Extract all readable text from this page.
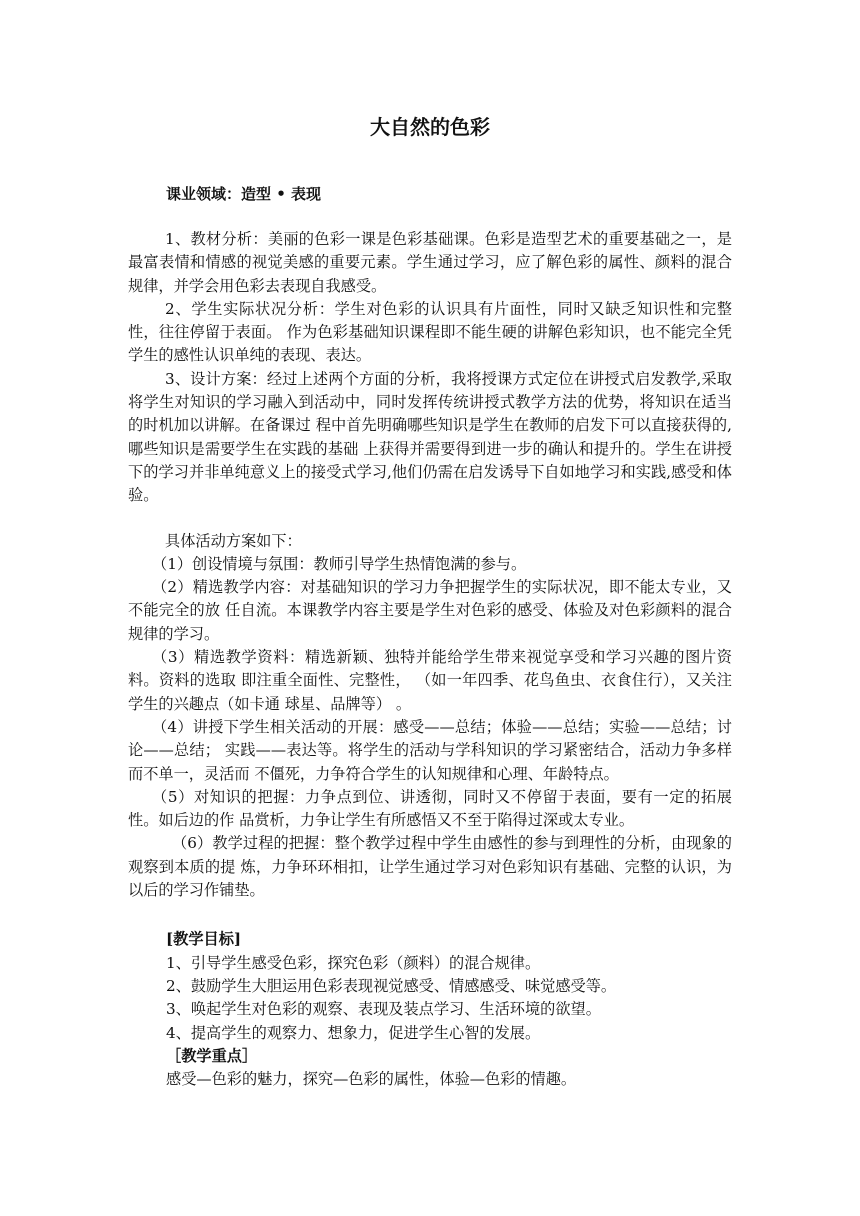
大自然的色彩
课业领域：造型 • 表现

1、教材分析：美丽的色彩一课是色彩基础课。色彩是造型艺术的重要基础之一，是最富表情和情感的视觉美感的重要元素。学生通过学习，应了解色彩的属性、颜料的混合规律，并学会用色彩去表现自我感受。

2、学生实际状况分析：学生对色彩的认识具有片面性，同时又缺乏知识性和完整性，往往停留于表面。 作为色彩基础知识课程即不能生硬的讲解色彩知识，也不能完全凭学生的感性认识单纯的表现、表达。

3、设计方案：经过上述两个方面的分析，我将授课方式定位在讲授式启发教学,采取将学生对知识的学习融入到活动中，同时发挥传统讲授式教学方法的优势，将知识在适当的时机加以讲解。在备课过 程中首先明确哪些知识是学生在教师的启发下可以直接获得的,哪些知识是需要学生在实践的基础 上获得并需要得到进一步的确认和提升的。学生在讲授下的学习并非单纯意义上的接受式学习,他们仍需在启发诱导下自如地学习和实践,感受和体验。

具体活动方案如下：

（1）创设情境与氛围：教师引导学生热情饱满的参与。

（2）精选教学内容：对基础知识的学习力争把握学生的实际状况，即不能太专业，又不能完全的放 任自流。本课教学内容主要是学生对色彩的感受、体验及对色彩颜料的混合规律的学习。

（3）精选教学资料：精选新颖、独特并能给学生带来视觉享受和学习兴趣的图片资料。资料的选取 即注重全面性、完整性， （如一年四季、花鸟鱼虫、衣食住行），又关注学生的兴趣点（如卡通 球星、品牌等） 。

（4）讲授下学生相关活动的开展：感受——总结；体验——总结；实验——总结；讨论——总结； 实践——表达等。将学生的活动与学科知识的学习紧密结合，活动力争多样而不单一，灵活而 不僵死，力争符合学生的认知规律和心理、年龄特点。

（5）对知识的把握：力争点到位、讲透彻，同时又不停留于表面，要有一定的拓展性。如后边的作 品赏析，力争让学生有所感悟又不至于陷得过深或太专业。

（6）教学过程的把握：整个教学过程中学生由感性的参与到理性的分析，由现象的观察到本质的提 炼，力争环环相扣，让学生通过学习对色彩知识有基础、完整的认识，为以后的学习作铺垫。

[教学目标]

1、引导学生感受色彩，探究色彩（颜料）的混合规律。

2、鼓励学生大胆运用色彩表现视觉感受、情感感受、味觉感受等。

3、唤起学生对色彩的观察、表现及装点学习、生活环境的欲望。

4、提高学生的观察力、想象力，促进学生心智的发展。

［教学重点］

感受—色彩的魅力，探究—色彩的属性，体验—色彩的情趣。
